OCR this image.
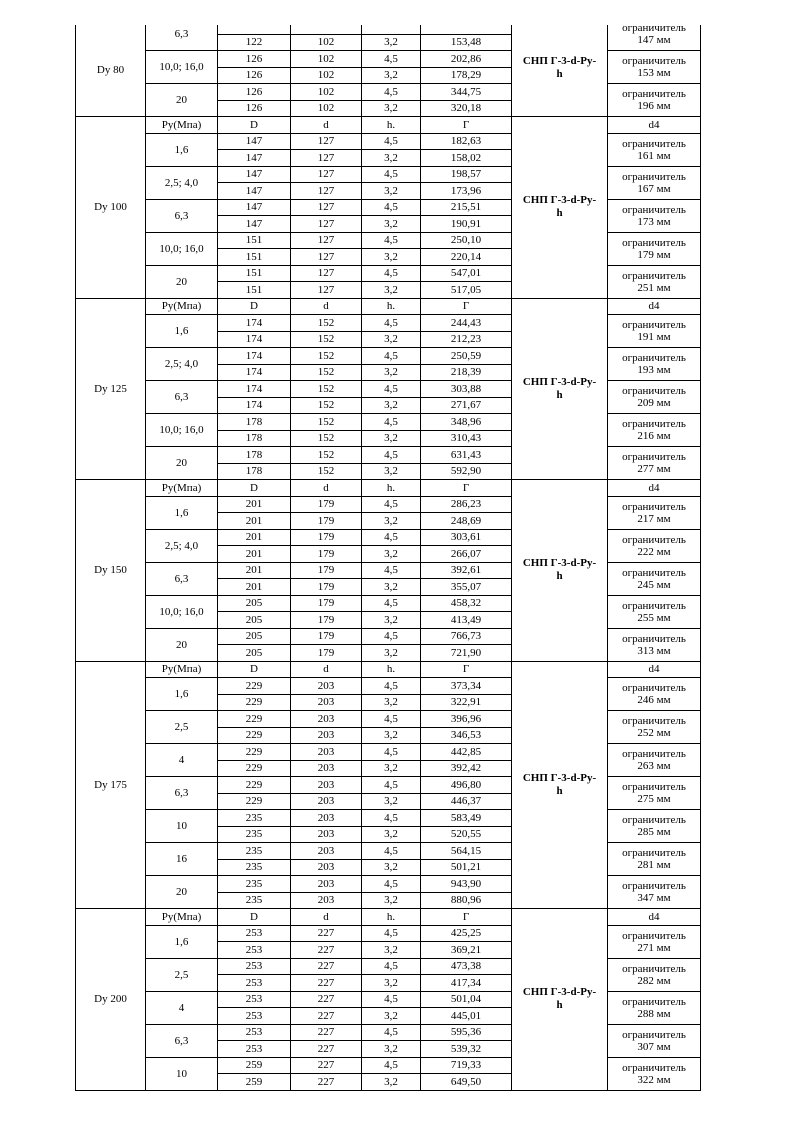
Dy 80	6,3					СНП Г-3-d-Ру-
h	ограничитель
147 мм
		122	102	3,2	153,48		
	10,0; 16,0	126	102	4,5	202,86		ограничитель
153 мм
		126	102	3,2	178,29		
	20	126	102	4,5	344,75		ограничитель
196 мм
		126	102	3,2	320,18		
Dy 100	Ру(Мпа)	D	d	h.	Г	СНП Г-3-d-Ру-
h	d4
	1,6	147	127	4,5	182,63		ограничитель
161 мм
		147	127	3,2	158,02		
	2,5; 4,0	147	127	4,5	198,57		ограничитель
167 мм
		147	127	3,2	173,96		
	6,3	147	127	4,5	215,51		ограничитель
173 мм
		147	127	3,2	190,91		
	10,0; 16,0	151	127	4,5	250,10		ограничитель
179 мм
		151	127	3,2	220,14		
	20	151	127	4,5	547,01		ограничитель
251 мм
		151	127	3,2	517,05		
Dy 125	Ру(Мпа)	D	d	h.	Г	СНП Г-3-d-Ру-
h	d4
	1,6	174	152	4,5	244,43		ограничитель
191 мм
		174	152	3,2	212,23		
	2,5; 4,0	174	152	4,5	250,59		ограничитель
193 мм
		174	152	3,2	218,39		
	6,3	174	152	4,5	303,88		ограничитель
209 мм
		174	152	3,2	271,67		
	10,0; 16,0	178	152	4,5	348,96		ограничитель
216 мм
		178	152	3,2	310,43		
	20	178	152	4,5	631,43		ограничитель
277 мм
		178	152	3,2	592,90		
Dy 150	Ру(Мпа)	D	d	h.	Г	СНП Г-3-d-Ру-
h	d4
	1,6	201	179	4,5	286,23		ограничитель
217 мм
		201	179	3,2	248,69		
	2,5; 4,0	201	179	4,5	303,61		ограничитель
222 мм
		201	179	3,2	266,07		
	6,3	201	179	4,5	392,61		ограничитель
245 мм
		201	179	3,2	355,07		
	10,0; 16,0	205	179	4,5	458,32		ограничитель
255 мм
		205	179	3,2	413,49		
	20	205	179	4,5	766,73		ограничитель
313 мм
		205	179	3,2	721,90		
Dy 175	Ру(Мпа)	D	d	h.	Г	СНП Г-3-d-Ру-
h	d4
	1,6	229	203	4,5	373,34		ограничитель
246 мм
		229	203	3,2	322,91		
	2,5	229	203	4,5	396,96		ограничитель
252 мм
		229	203	3,2	346,53		
	4	229	203	4,5	442,85		ограничитель
263 мм
		229	203	3,2	392,42		
	6,3	229	203	4,5	496,80		ограничитель
275 мм
		229	203	3,2	446,37		
	10	235	203	4,5	583,49		ограничитель
285 мм
		235	203	3,2	520,55		
	16	235	203	4,5	564,15		ограничитель
281 мм
		235	203	3,2	501,21		
	20	235	203	4,5	943,90		ограничитель
347 мм
		235	203	3,2	880,96		
Dy 200	Ру(Мпа)	D	d	h.	Г	СНП Г-3-d-Ру-
h	d4
	1,6	253	227	4,5	425,25		ограничитель
271 мм
		253	227	3,2	369,21		
	2,5	253	227	4,5	473,38		ограничитель
282 мм
		253	227	3,2	417,34		
	4	253	227	4,5	501,04		ограничитель
288 мм
		253	227	3,2	445,01		
	6,3	253	227	4,5	595,36		ограничитель
307 мм
		253	227	3,2	539,32		
	10	259	227	4,5	719,33		ограничитель
322 мм
		259	227	3,2	649,50		
